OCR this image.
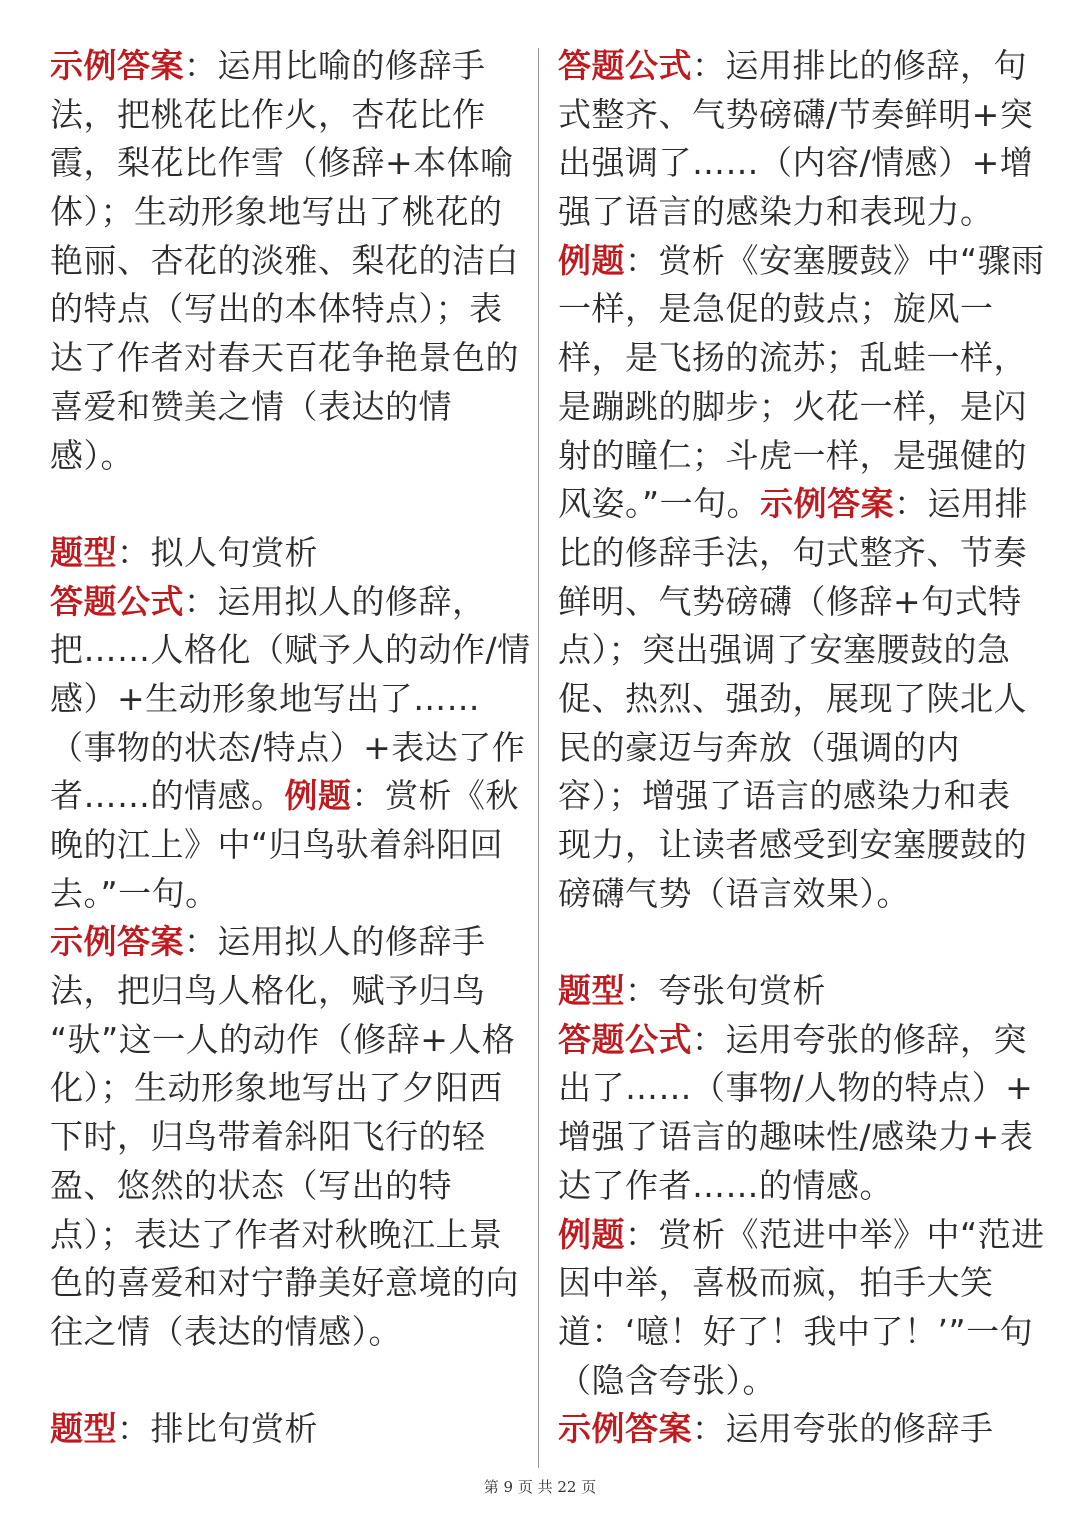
示例答案：运用比喻的修辞手
法，把桃花比作火，杏花比作
霞，梨花比作雪（修辞+本体喻
体）；生动形象地写出了桃花的
艳丽、杏花的淡雅、梨花的洁白
的特点（写出的本体特点）；表
达了作者对春天百花争艳景色的
喜爱和赞美之情（表达的情
感）。
题型：拟人句赏析
答题公式：运用拟人的修辞，
把……人格化（赋予人的动作/情
感）+生动形象地写出了……
（事物的状态/特点）+表达了作
者……的情感。例题：赏析《秋
晚的江上》中“归鸟驮着斜阳回
去。”一句。
示例答案：运用拟人的修辞手
法，把归鸟人格化，赋予归鸟
“驮”这一人的动作（修辞+人格
化）；生动形象地写出了夕阳西
下时，归鸟带着斜阳飞行的轻
盈、悠然的状态（写出的特
点）；表达了作者对秋晚江上景
色的喜爱和对宁静美好意境的向
往之情（表达的情感）。
题型：排比句赏析
答题公式：运用排比的修辞，句
式整齐、气势磅礴/节奏鲜明+突
出强调了……（内容/情感）+增
强了语言的感染力和表现力。
例题：赏析《安塞腰鼓》中“骤雨
一样，是急促的鼓点；旋风一
样，是飞扬的流苏；乱蛙一样，
是蹦跳的脚步；火花一样，是闪
射的瞳仁；斗虎一样，是强健的
风姿。”一句。示例答案：运用排
比的修辞手法，句式整齐、节奏
鲜明、气势磅礴（修辞+句式特
点）；突出强调了安塞腰鼓的急
促、热烈、强劲，展现了陕北人
民的豪迈与奔放（强调的内
容）；增强了语言的感染力和表
现力，让读者感受到安塞腰鼓的
磅礴气势（语言效果）。
题型：夸张句赏析
答题公式：运用夸张的修辞，突
出了……（事物/人物的特点）+
增强了语言的趣味性/感染力+表
达了作者……的情感。
例题：赏析《范进中举》中“范进
因中举，喜极而疯，拍手大笑
道：‘噫！好了！我中了！’”一句
（隐含夸张）。
示例答案：运用夸张的修辞手
第 9 页 共 22 页
